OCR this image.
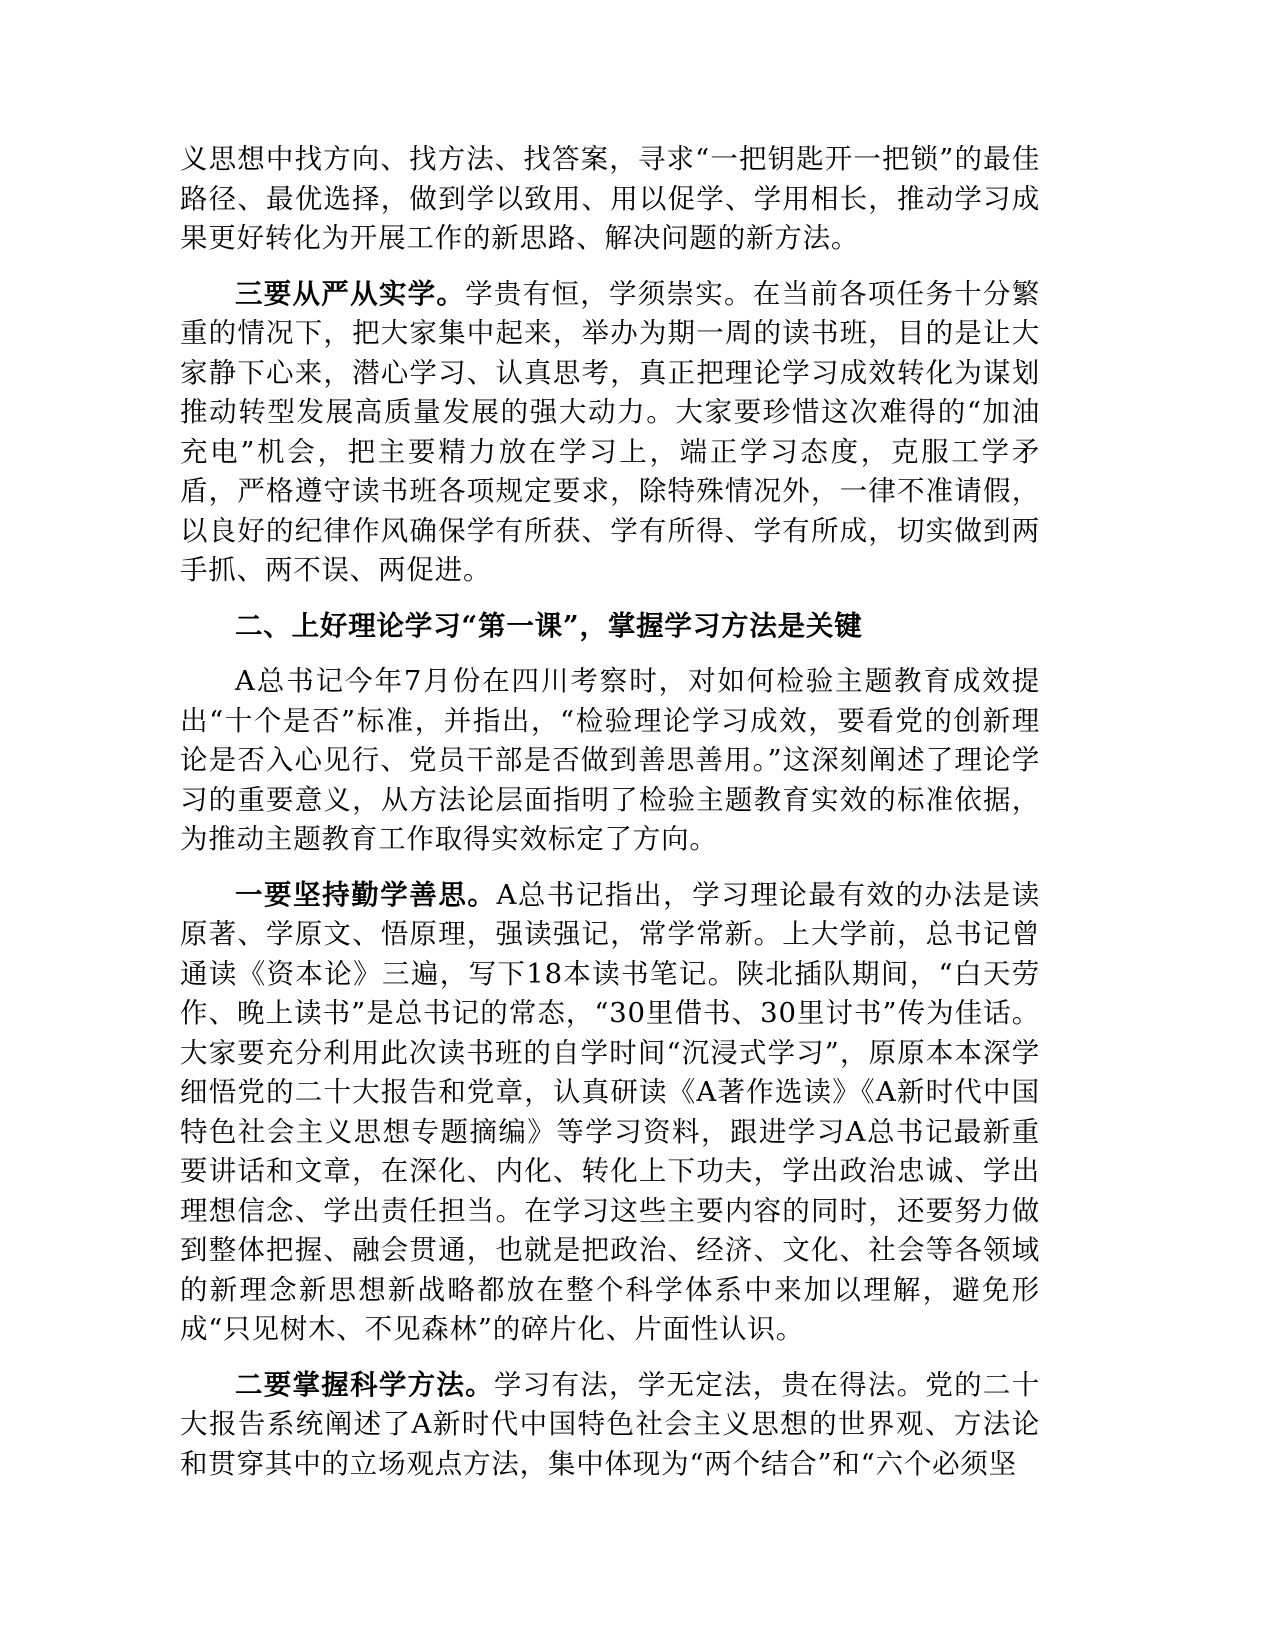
义思想中找方向、找方法、找答案，寻求“一把钥匙开一把锁”的最佳路径、最优选择，做到学以致用、用以促学、学用相长，推动学习成果更好转化为开展工作的新思路、解决问题的新方法。

三要从严从实学。学贵有恒，学须崇实。在当前各项任务十分繁重的情况下，把大家集中起来，举办为期一周的读书班，目的是让大家静下心来，潜心学习、认真思考，真正把理论学习成效转化为谋划推动转型发展高质量发展的强大动力。大家要珍惜这次难得的“加油充电”机会，把主要精力放在学习上，端正学习态度，克服工学矛盾，严格遵守读书班各项规定要求，除特殊情况外，一律不准请假，以良好的纪律作风确保学有所获、学有所得、学有所成，切实做到两手抓、两不误、两促进。

二、上好理论学习“第一课”，掌握学习方法是关键

A总书记今年7月份在四川考察时，对如何检验主题教育成效提出“十个是否”标准，并指出，“检验理论学习成效，要看党的创新理论是否入心见行、党员干部是否做到善思善用。”这深刻阐述了理论学习的重要意义，从方法论层面指明了检验主题教育实效的标准依据，为推动主题教育工作取得实效标定了方向。

一要坚持勤学善思。A总书记指出，学习理论最有效的办法是读原著、学原文、悟原理，强读强记，常学常新。上大学前，总书记曾通读《资本论》三遍，写下18本读书笔记。陕北插队期间，“白天劳作、晚上读书”是总书记的常态，“30里借书、30里讨书”传为佳话。大家要充分利用此次读书班的自学时间“沉浸式学习”，原原本本深学细悟党的二十大报告和党章，认真研读《A著作选读》《A新时代中国特色社会主义思想专题摘编》等学习资料，跟进学习A总书记最新重要讲话和文章，在深化、内化、转化上下功夫，学出政治忠诚、学出理想信念、学出责任担当。在学习这些主要内容的同时，还要努力做到整体把握、融会贯通，也就是把政治、经济、文化、社会等各领域的新理念新思想新战略都放在整个科学体系中来加以理解，避免形成“只见树木、不见森林”的碎片化、片面性认识。

二要掌握科学方法。学习有法，学无定法，贵在得法。党的二十大报告系统阐述了A新时代中国特色社会主义思想的世界观、方法论和贯穿其中的立场观点方法，集中体现为“两个结合”和“六个必须坚
